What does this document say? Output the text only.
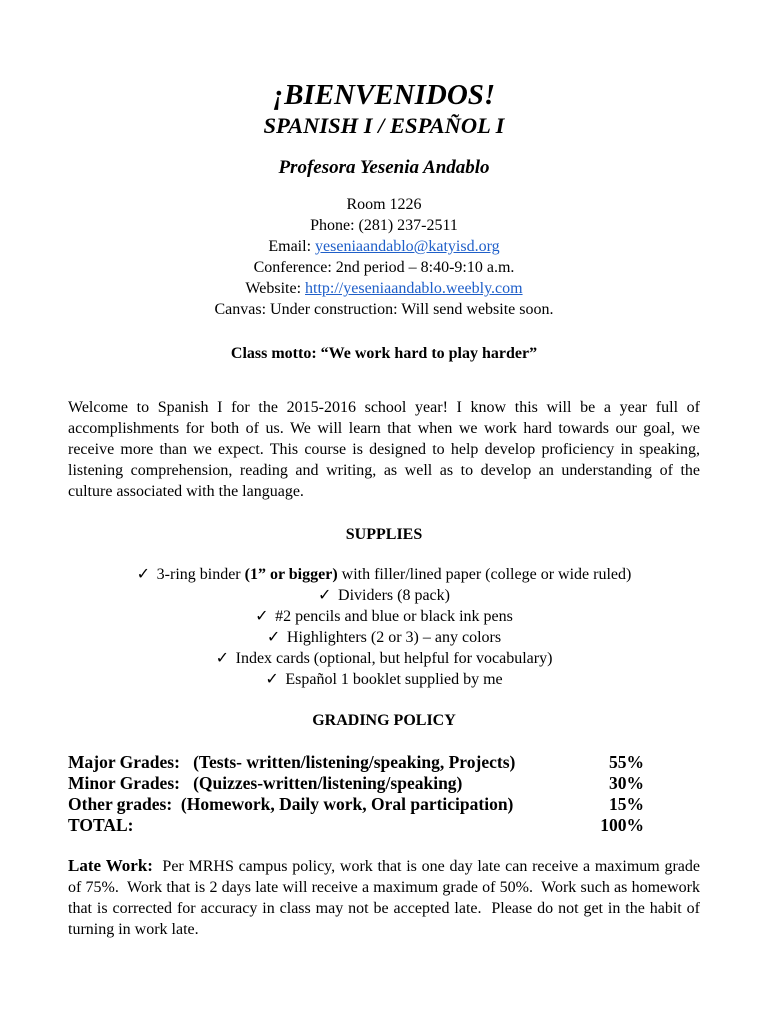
¡BIENVENIDOS!

SPANISH I / ESPAÑOL I

Profesora Yesenia Andablo

Room 1226
Phone: (281) 237-2511
Email: yeseniaandablo@katyisd.org
Conference: 2nd period – 8:40-9:10 a.m.
Website: http://yeseniaandablo.weebly.com
Canvas: Under construction: Will send website soon.
Class motto: “We work hard to play harder”
Welcome to Spanish I for the 2015-2016 school year! I know this will be a year full of accomplishments for both of us. We will learn that when we work hard towards our goal, we receive more than we expect. This course is designed to help develop proficiency in speaking, listening comprehension, reading and writing, as well as to develop an understanding of the culture associated with the language.
SUPPLIES
✓ 3-ring binder (1” or bigger) with filler/lined paper (college or wide ruled)
✓ Dividers (8 pack)
✓ #2 pencils and blue or black ink pens
✓ Highlighters (2 or 3) – any colors
✓ Index cards (optional, but helpful for vocabulary)
✓ Español 1 booklet supplied by me
GRADING POLICY
Major Grades:   (Tests- written/listening/speaking, Projects)	55%
Minor Grades:   (Quizzes-written/listening/speaking)	30%
Other grades:  (Homework, Daily work, Oral participation)	15%
TOTAL:	100%
Late Work:  Per MRHS campus policy, work that is one day late can receive a maximum grade of 75%.  Work that is 2 days late will receive a maximum grade of 50%.  Work such as homework that is corrected for accuracy in class may not be accepted late.  Please do not get in the habit of turning in work late.
